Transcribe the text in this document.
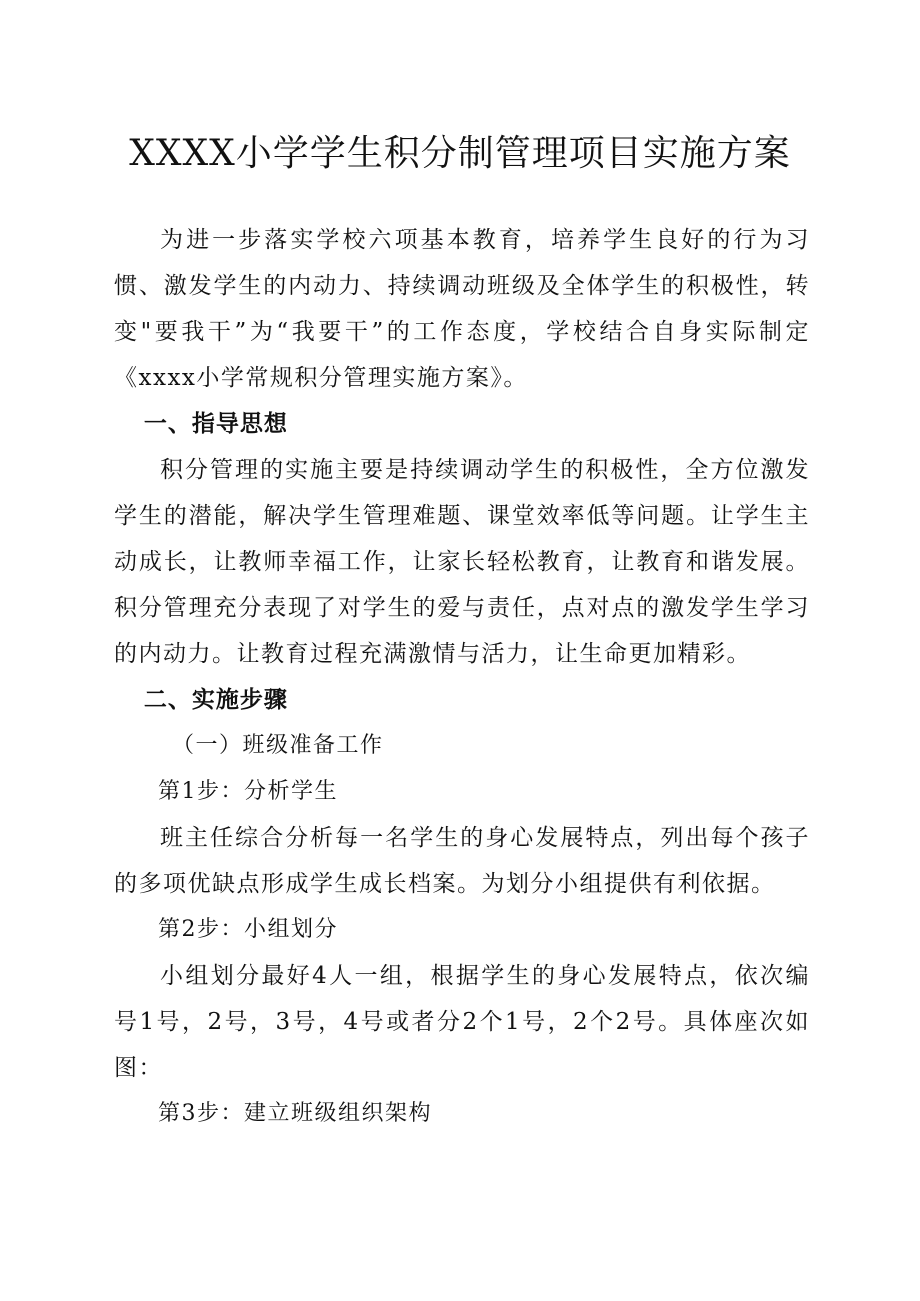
XXXX小学学生积分制管理项目实施方案

为进一步落实学校六项基本教育，培养学生良好的行为习惯、激发学生的内动力、持续调动班级及全体学生的积极性，转变"要我干”为“我要干”的工作态度，学校结合自身实际制定《xxxx小学常规积分管理实施方案》。

一、指导思想

积分管理的实施主要是持续调动学生的积极性，全方位激发学生的潜能，解决学生管理难题、课堂效率低等问题。让学生主动成长，让教师幸福工作，让家长轻松教育，让教育和谐发展。积分管理充分表现了对学生的爱与责任，点对点的激发学生学习的内动力。让教育过程充满激情与活力，让生命更加精彩。

二、实施步骤

（一）班级准备工作

第1步：分析学生

班主任综合分析每一名学生的身心发展特点，列出每个孩子的多项优缺点形成学生成长档案。为划分小组提供有利依据。

第2步：小组划分

小组划分最好4人一组，根据学生的身心发展特点，依次编号1号，2号，3号，4号或者分2个1号，2个2号。具体座次如图：

第3步：建立班级组织架构
